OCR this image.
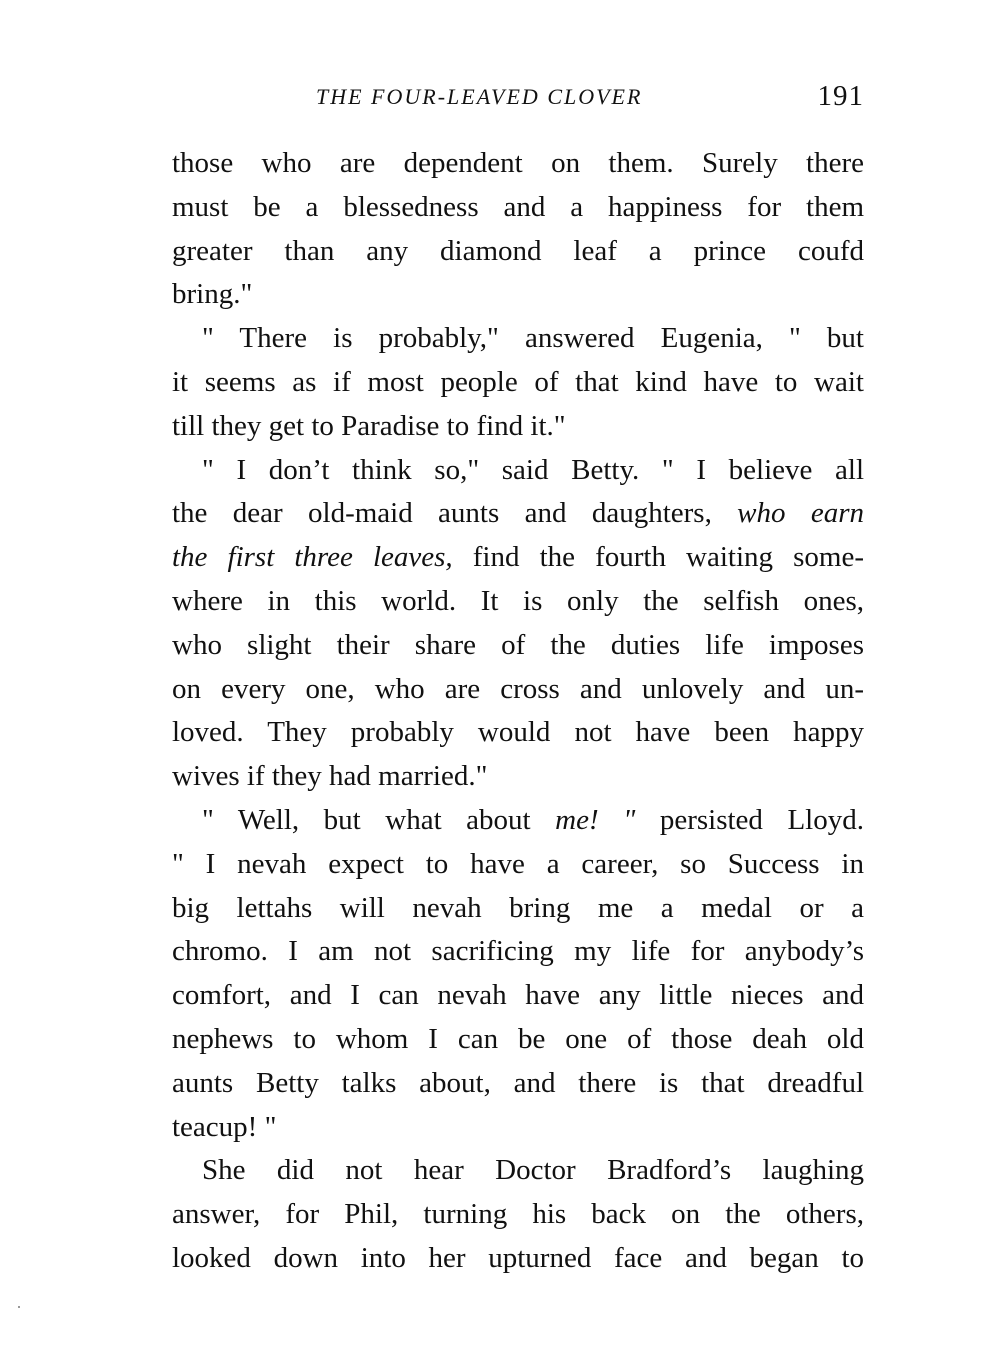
THE FOUR-LEAVED CLOVER	191
those who are dependent on them. Surely there
must be a blessedness and a happiness for them
greater than any diamond leaf a prince coufd
bring."
" There is probably," answered Eugenia, " but
it seems as if most people of that kind have to wait
till they get to Paradise to find it."
" I don’t think so," said Betty. " I believe all
the dear old-maid aunts and daughters, who earn
the first three leaves, find the fourth waiting some-
where in this world. It is only the selfish ones,
who slight their share of the duties life imposes
on every one, who are cross and unlovely and un-
loved. They probably would not have been happy
wives if they had married."
" Well, but what about me! " persisted Lloyd.
" I nevah expect to have a career, so Success in
big lettahs will nevah bring me a medal or a
chromo. I am not sacrificing my life for anybody’s
comfort, and I can nevah have any little nieces and
nephews to whom I can be one of those deah old
aunts Betty talks about, and there is that dreadful
teacup! "
She did not hear Doctor Bradford’s laughing
answer, for Phil, turning his back on the others,
looked down into her upturned face and began to
